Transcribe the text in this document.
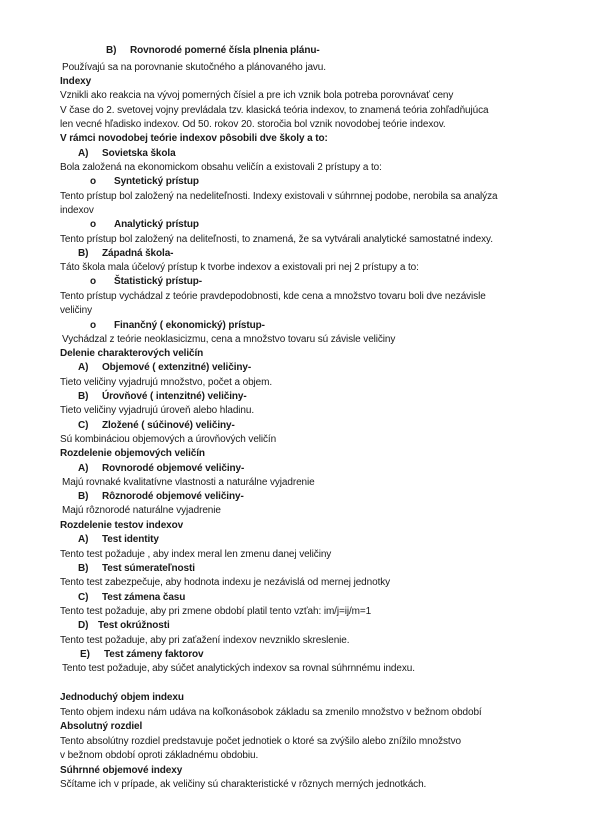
B) Rovnorodé pomerné čísla plnenia plánu-
Používajú sa na porovnanie skutočného a plánovaného javu.
Indexy
Vznikli ako reakcia na vývoj pomerných čísiel a pre ich vznik bola potreba porovnávať ceny
V čase do 2. svetovej vojny prevládala tzv. klasická teória indexov, to znamená teória zohľadňujúca
len vecné hľadisko indexov. Od 50. rokov 20. storočia bol vznik novodobej teórie indexov.
V rámci novodobej teórie indexov pôsobili dve školy a to:
A) Sovietska škola
Bola založená na ekonomickom obsahu veličín a existovali 2 prístupy a to:
o Syntetický prístup
Tento prístup bol založený na nedeliteľnosti. Indexy existovali v súhrnnej podobe, nerobila sa analýza
indexov
o Analytický prístup
Tento prístup bol založený na deliteľnosti, to znamená, že sa vytvárali analytické samostatné indexy.
B) Západná škola-
Táto škola mala účelový prístup k tvorbe indexov a existovali pri nej 2 prístupy a to:
o Štatistický prístup-
Tento prístup vychádzal z teórie pravdepodobnosti, kde cena a množstvo tovaru boli dve nezávisle
veličiny
o Finančný ( ekonomický) prístup-
Vychádzal z teórie neoklasicizmu, cena a množstvo tovaru sú závisle veličiny
Delenie charakterových veličín
A) Objemové ( extenzitné) veličiny-
Tieto veličiny vyjadrujú množstvo, počet a objem.
B) Úrovňové ( intenzitné) veličiny-
Tieto veličiny vyjadrujú úroveň alebo hladinu.
C) Zložené ( súčinové) veličiny-
Sú kombináciou objemových a úrovňových veličín
Rozdelenie objemových veličín
A) Rovnorodé objemové veličiny-
Majú rovnaké kvalitatívne vlastnosti a naturálne vyjadrenie
B) Rôznorodé objemové veličiny-
Majú rôznorodé naturálne vyjadrenie
Rozdelenie testov indexov
A) Test identity
Tento test požaduje , aby index meral len zmenu danej veličiny
B) Test súmerateľnosti
Tento test zabezpečuje, aby hodnota indexu je nezávislá od mernej jednotky
C) Test zámena času
Tento test požaduje, aby pri zmene období platil tento vzťah: im/j=ij/m=1
D) Test okrúžnosti
Tento test požaduje, aby pri zaťažení indexov nevzniklo skreslenie.
E) Test zámeny faktorov
Tento test požaduje, aby súčet analytických indexov sa rovnal súhrnnému indexu.
Jednoduchý objem indexu
Tento objem indexu nám udáva na koľkonásobok základu sa zmenilo množstvo v bežnom období
Absolutný rozdiel
Tento absolútny rozdiel predstavuje počet jednotiek o ktoré sa zvýšilo alebo znížilo množstvo
v bežnom období oproti základnému obdobiu.
Súhrnné objemové indexy
Sčítame ich v prípade, ak veličiny sú charakteristické v rôznych merných jednotkách.
